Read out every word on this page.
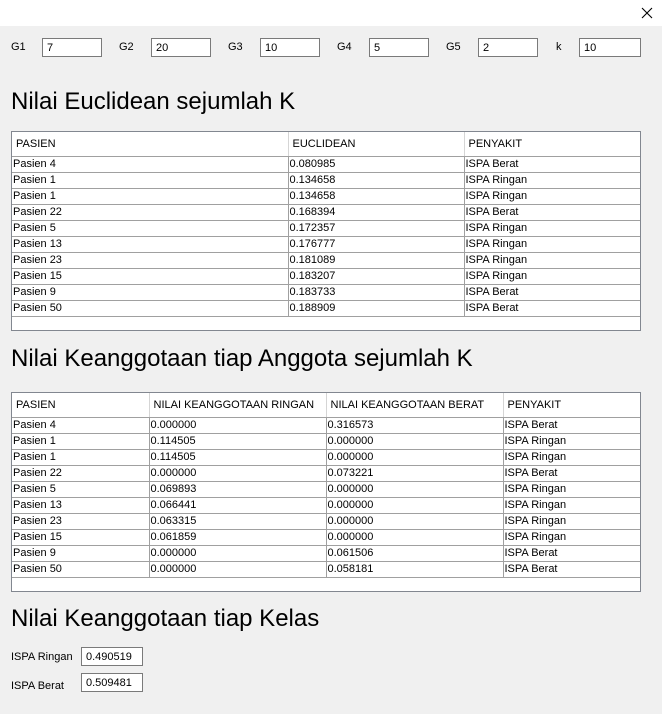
G1
7	G2
20	G3
10	G4
5	G5
2	k
10
Nilai Euclidean sejumlah K
PASIEN	EUCLIDEAN	PENYAKIT
Pasien 4	0.080985	ISPA Berat
Pasien 1	0.134658	ISPA Ringan
Pasien 1	0.134658	ISPA Ringan
Pasien 22	0.168394	ISPA Berat
Pasien 5	0.172357	ISPA Ringan
Pasien 13	0.176777	ISPA Ringan
Pasien 23	0.181089	ISPA Ringan
Pasien 15	0.183207	ISPA Ringan
Pasien 9	0.183733	ISPA Berat
Pasien 50	0.188909	ISPA Berat
Nilai Keanggotaan tiap Anggota sejumlah K
PASIEN	NILAI KEANGGOTAAN RINGAN	NILAI KEANGGOTAAN BERAT	PENYAKIT
Pasien 4	0.000000	0.316573	ISPA Berat
Pasien 1	0.114505	0.000000	ISPA Ringan
Pasien 1	0.114505	0.000000	ISPA Ringan
Pasien 22	0.000000	0.073221	ISPA Berat
Pasien 5	0.069893	0.000000	ISPA Ringan
Pasien 13	0.066441	0.000000	ISPA Ringan
Pasien 23	0.063315	0.000000	ISPA Ringan
Pasien 15	0.061859	0.000000	ISPA Ringan
Pasien 9	0.000000	0.061506	ISPA Berat
Pasien 50	0.000000	0.058181	ISPA Berat
Nilai Keanggotaan tiap Kelas
ISPA Ringan
0.490519
ISPA Berat
0.509481
